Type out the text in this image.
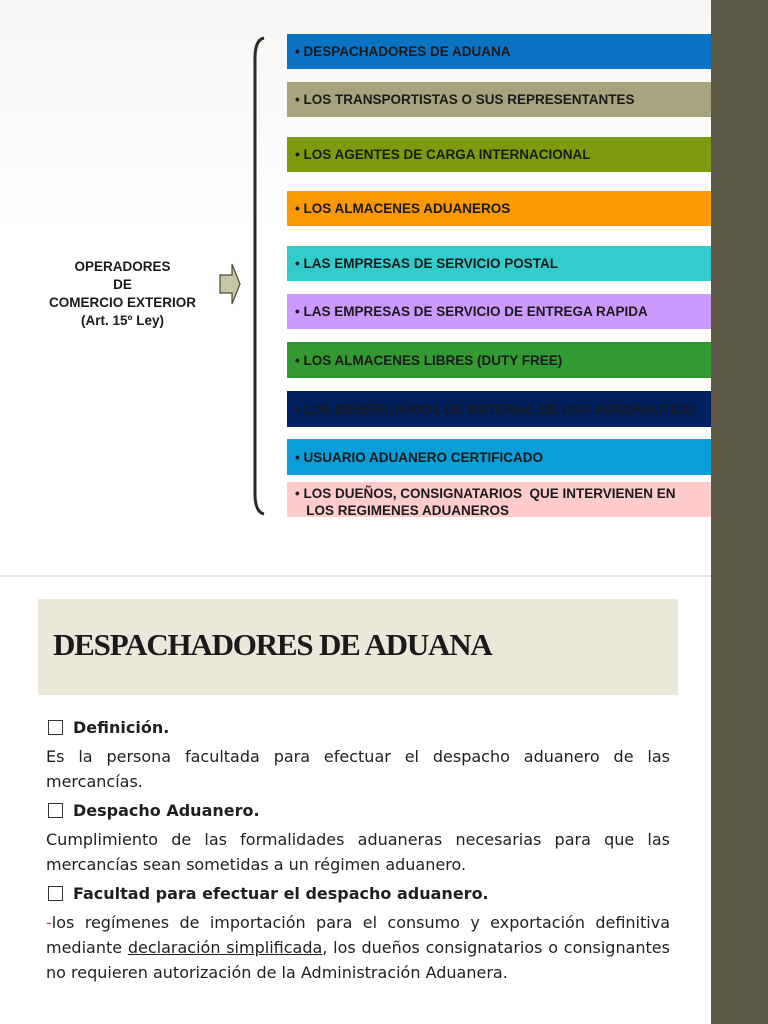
OPERADORES
DE
COMERCIO EXTERIOR
(Art. 15º Ley)
• DESPACHADORES DE ADUANA
• LOS TRANSPORTISTAS O SUS REPRESENTANTES
• LOS AGENTES DE CARGA INTERNACIONAL
• LOS ALMACENES ADUANEROS
• LAS EMPRESAS DE SERVICIO POSTAL
• LAS EMPRESAS DE SERVICIO DE ENTREGA RAPIDA
• LOS ALMACENES LIBRES (DUTY FREE)
• LOS BENEFICIARIOS DE MATERIAL DE USO AERONAUTICO
• USUARIO ADUANERO CERTIFICADO
• LOS DUEÑOS, CONSIGNATARIOS  QUE INTERVIENEN EN
LOS REGIMENES ADUANEROS
DESPACHADORES DE ADUANA
Definición.
Es la persona facultada para efectuar el despacho aduanero de las mercancías.
Despacho Aduanero.
Cumplimiento de las formalidades aduaneras necesarias para que las mercancías sean sometidas a un régimen aduanero.
Facultad para efectuar el despacho aduanero.
-los regímenes de importación para el consumo y exportación definitiva mediante declaración simplificada, los dueños consignatarios o consignantes no requieren autorización de la Administración Aduanera.
